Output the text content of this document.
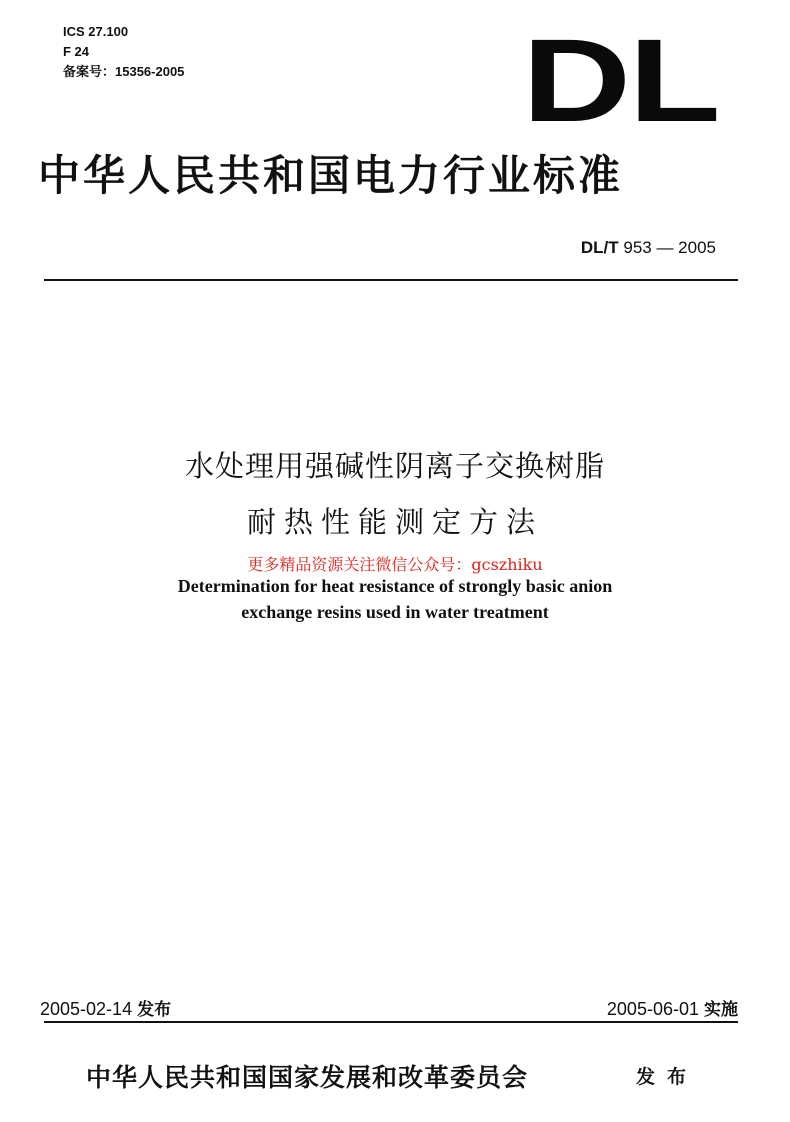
ICS 27.100
F 24
备案号：15356-2005	DL
中华人民共和国电力行业标准
DL/T 953 — 2005
水处理用强碱性阴离子交换树脂
耐热性能测定方法
更多精品资源关注微信公众号：gcszhiku
Determination for heat resistance of strongly basic anion
exchange resins used in water treatment
2005-02-14 发布	2005-06-01 实施
中华人民共和国国家发展和改革委员会	发布
